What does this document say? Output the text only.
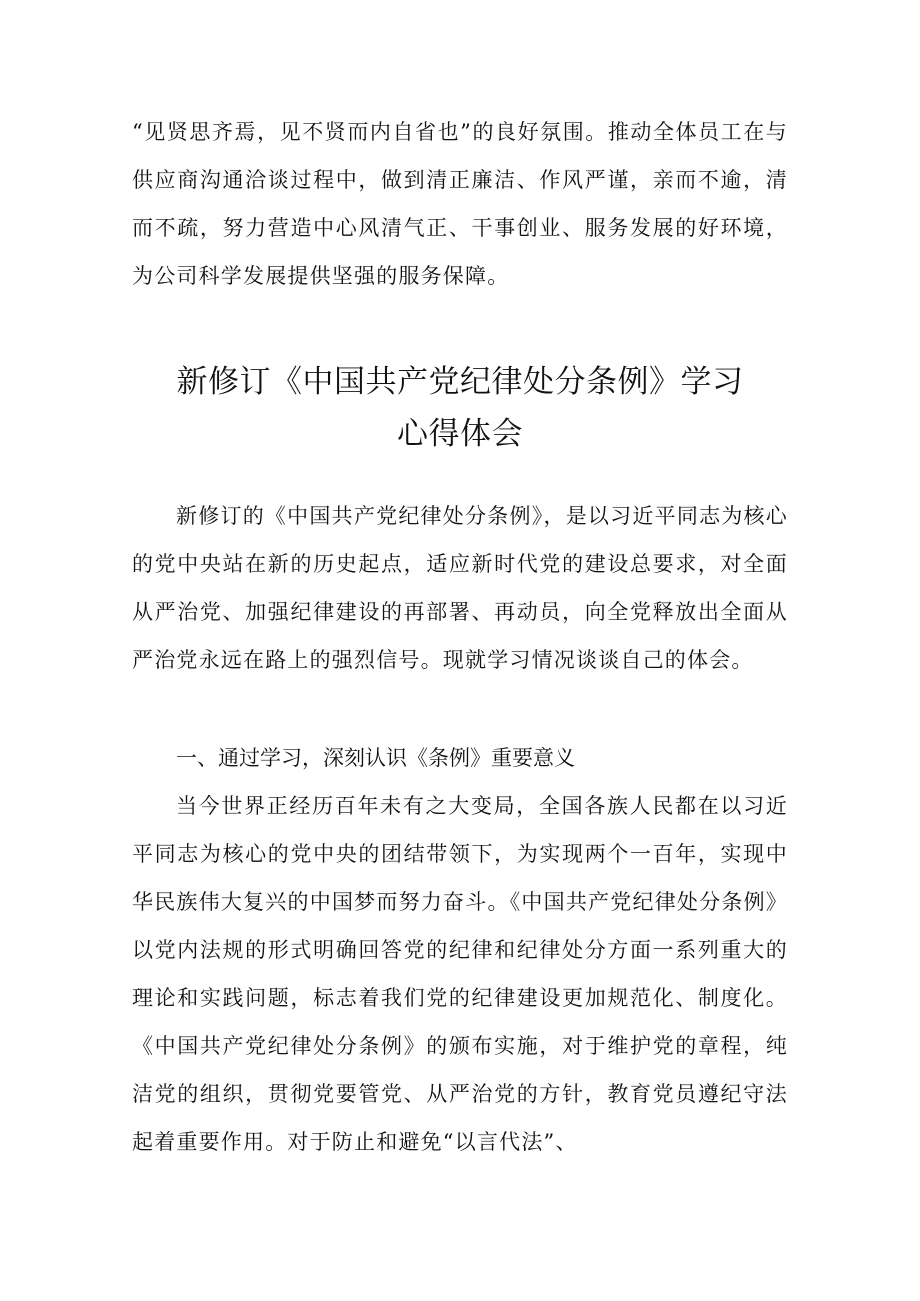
“见贤思齐焉，见不贤而内自省也”的良好氛围。推动全体员工在与供应商沟通洽谈过程中，做到清正廉洁、作风严谨，亲而不逾，清而不疏，努力营造中心风清气正、干事创业、服务发展的好环境，为公司科学发展提供坚强的服务保障。

新修订《中国共产党纪律处分条例》学习
心得体会

新修订的《中国共产党纪律处分条例》，是以习近平同志为核心的党中央站在新的历史起点，适应新时代党的建设总要求，对全面从严治党、加强纪律建设的再部署、再动员，向全党释放出全面从严治党永远在路上的强烈信号。现就学习情况谈谈自己的体会。

一、通过学习，深刻认识《条例》重要意义

当今世界正经历百年未有之大变局，全国各族人民都在以习近平同志为核心的党中央的团结带领下，为实现两个一百年，实现中华民族伟大复兴的中国梦而努力奋斗。《中国共产党纪律处分条例》以党内法规的形式明确回答党的纪律和纪律处分方面一系列重大的理论和实践问题，标志着我们党的纪律建设更加规范化、制度化。《中国共产党纪律处分条例》的颁布实施，对于维护党的章程，纯洁党的组织，贯彻党要管党、从严治党的方针，教育党员遵纪守法起着重要作用。对于防止和避免“以言代法”、
